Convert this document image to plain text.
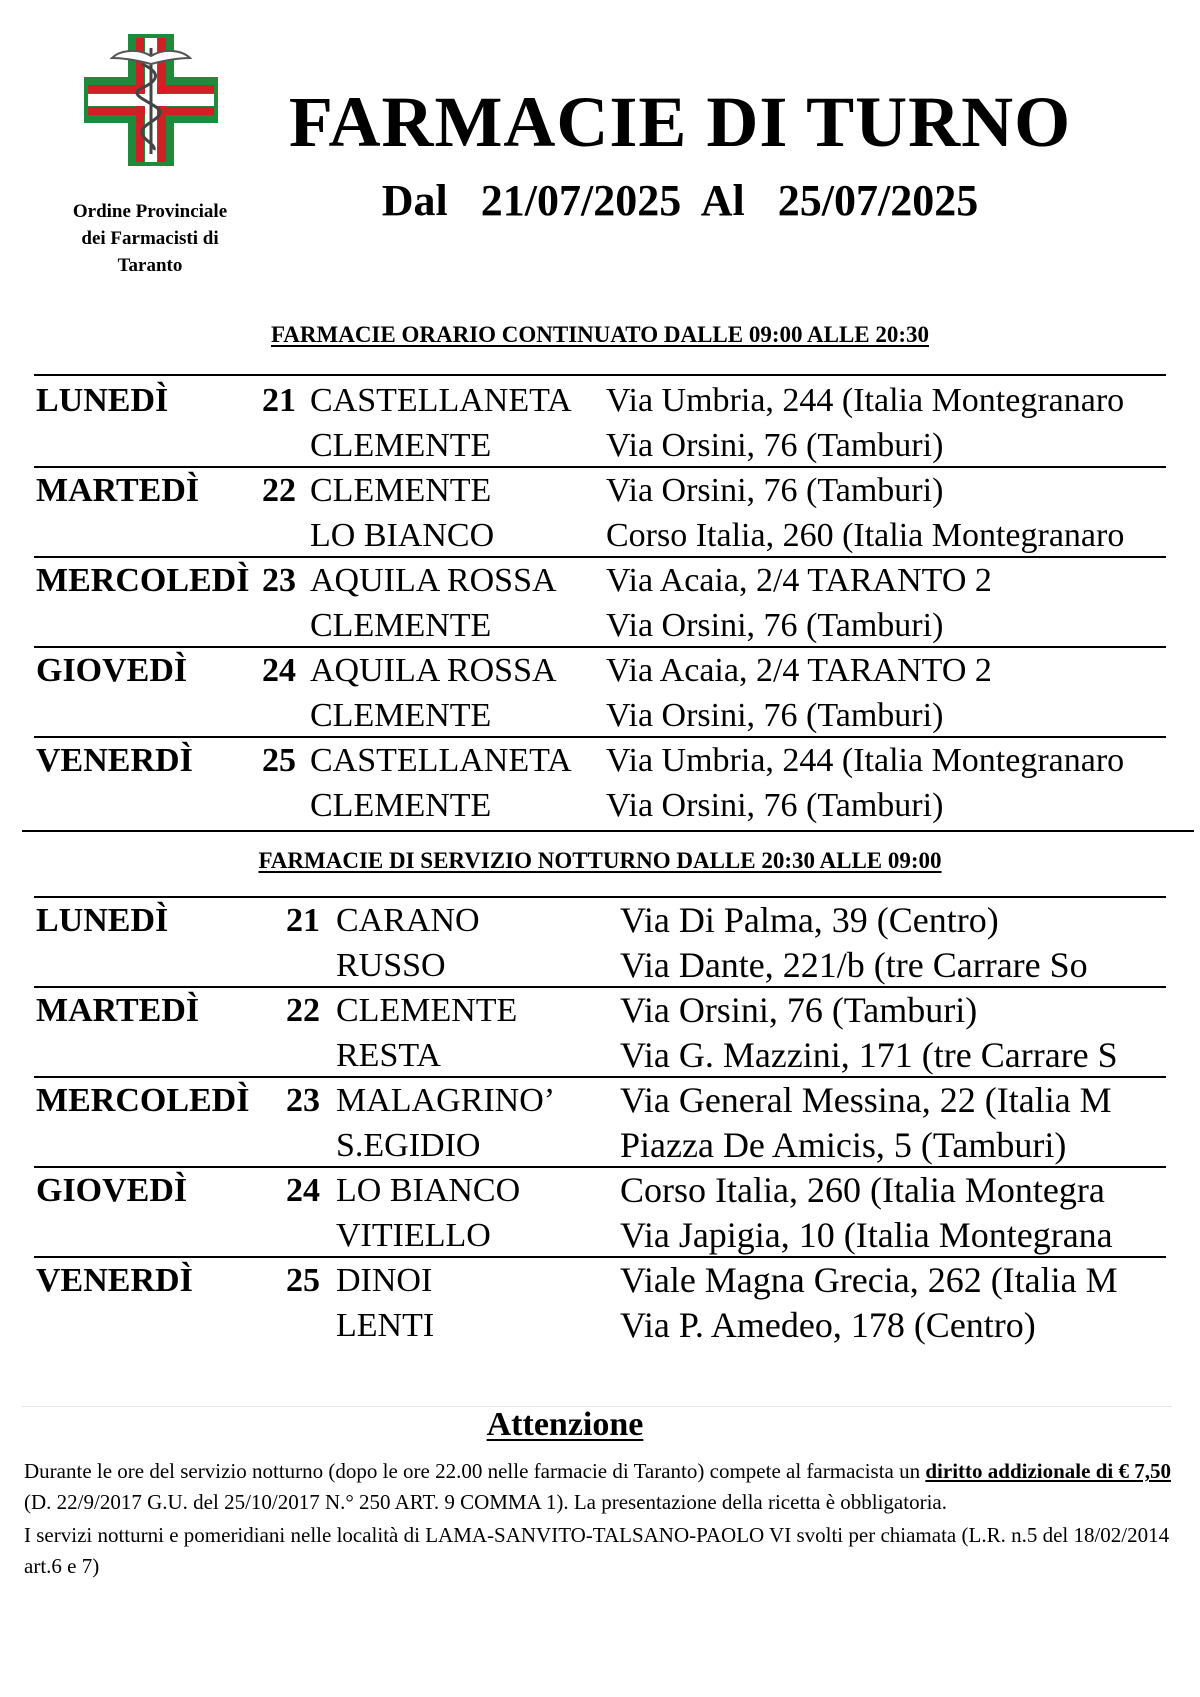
Ordine Provinciale
dei Farmacisti di
Taranto
FARMACIE DI TURNO
Dal   21/07/2025  Al   25/07/2025
FARMACIE ORARIO CONTINUATO DALLE 09:00 ALLE 20:30
LUNEDÌ	21 CASTELLANETA Via Umbria, 244 (Italia Montegranaro
CLEMENTE	Via Orsini, 76 (Tamburi)
MARTEDÌ 22 CLEMENTE	Via Orsini, 76 (Tamburi)
LO BIANCO	Corso Italia, 260 (Italia Montegranaro
MERCOLEDÌ 23 AQUILA ROSSA Via Acaia, 2/4 TARANTO 2
CLEMENTE	Via Orsini, 76 (Tamburi)
GIOVEDÌ 24 AQUILA ROSSA Via Acaia, 2/4 TARANTO 2
CLEMENTE	Via Orsini, 76 (Tamburi)
VENERDÌ 25 CASTELLANETA Via Umbria, 244 (Italia Montegranaro
CLEMENTE	Via Orsini, 76 (Tamburi)
FARMACIE DI SERVIZIO NOTTURNO DALLE 20:30 ALLE 09:00
LUNEDÌ	21 CARANO	Via Di Palma, 39 (Centro)
RUSSO	Via Dante, 221/b (tre Carrare So
MARTEDÌ	22 CLEMENTE	Via Orsini, 76 (Tamburi)
RESTA	Via G. Mazzini, 171 (tre Carrare S
MERCOLEDÌ 23 MALAGRINO’ Via General Messina, 22 (Italia M
S.EGIDIO	Piazza De Amicis, 5 (Tamburi)
GIOVEDÌ	24 LO BIANCO	Corso Italia, 260 (Italia Montegra
VITIELLO	Via Japigia, 10 (Italia Montegrana
VENERDÌ	25 DINOI	Viale Magna Grecia, 262 (Italia M
LENTI	Via P. Amedeo, 178 (Centro)
Attenzione

Durante le ore del servizio notturno (dopo le ore 22.00 nelle farmacie di Taranto) compete al farmacista un diritto addizionale di € 7,50 (D. 22/9/2017 G.U. del 25/10/2017 N.° 250 ART. 9 COMMA 1). La presentazione della ricetta è obbligatoria.

I servizi notturni e pomeridiani nelle località di LAMA-SANVITO-TALSANO-PAOLO VI svolti per chiamata (L.R. n.5 del 18/02/2014 art.6 e 7)
